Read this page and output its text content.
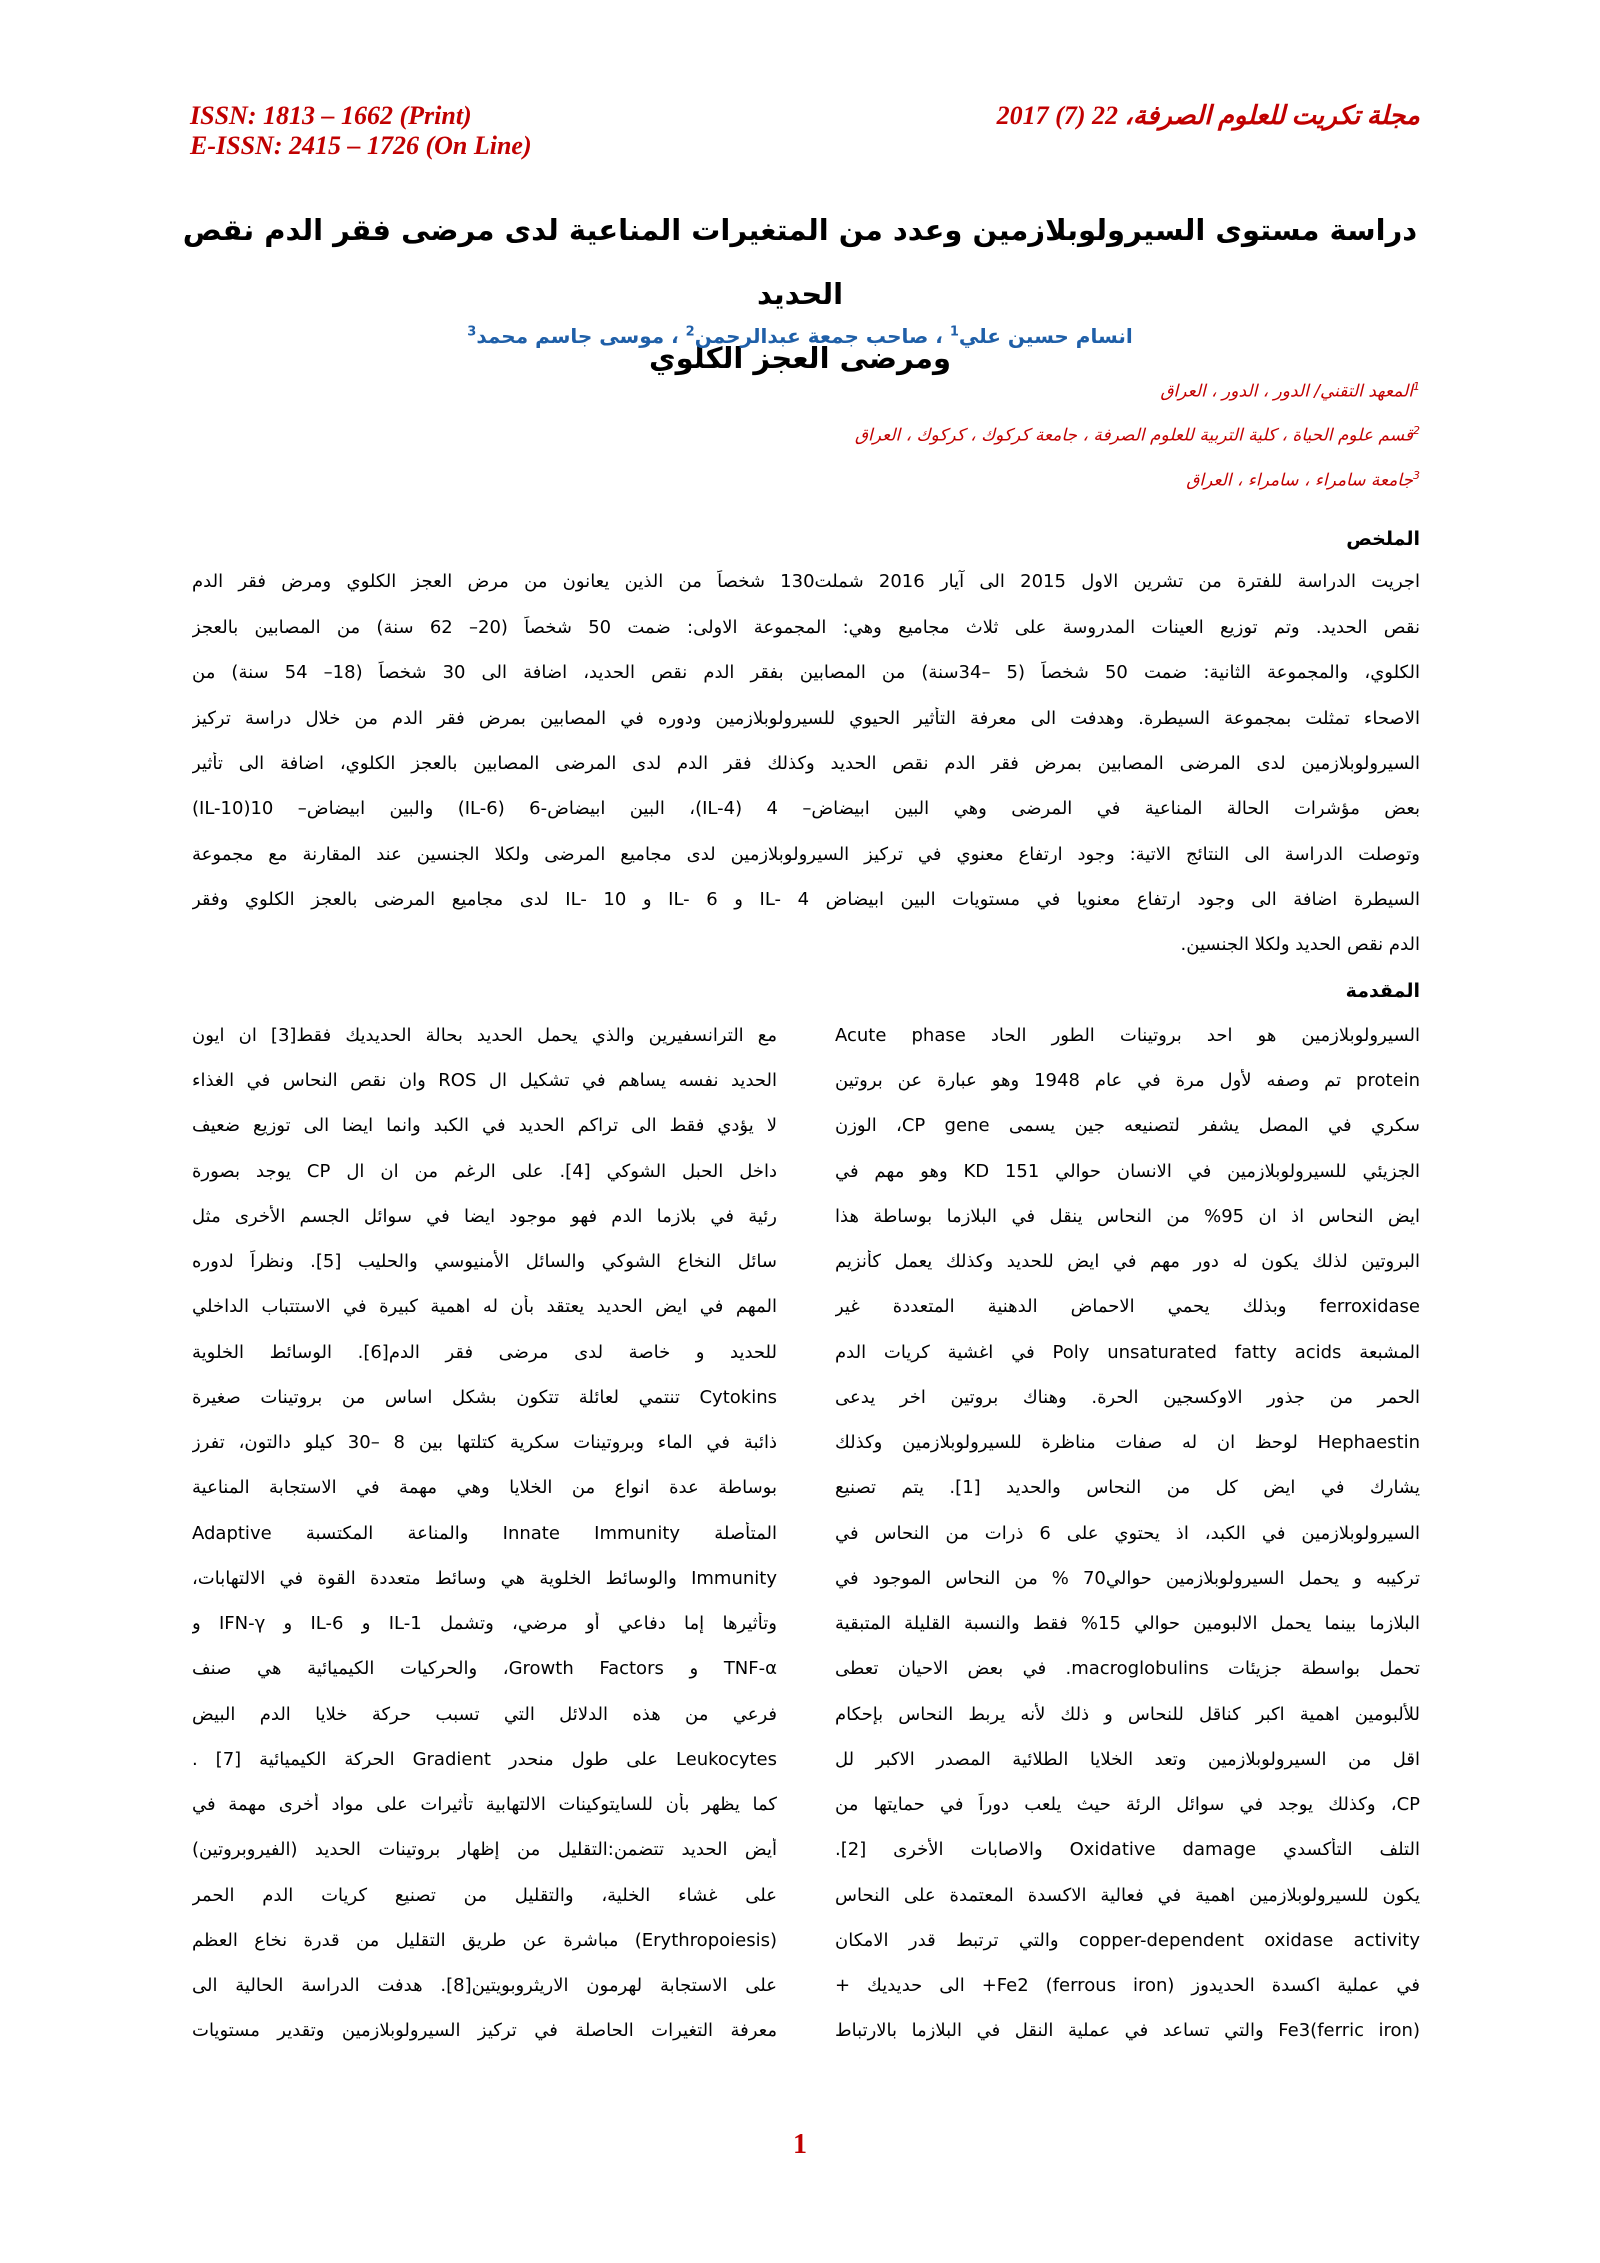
ISSN: 1813 – 1662 (Print)
E-ISSN: 2415 – 1726 (On Line)
مجلة تكريت للعلوم الصرفة، 22 (7) 2017
دراسة مستوى السيرولوبلازمين وعدد من المتغيرات المناعية لدى مرضى فقر الدم نقص الحديد
ومرضى العجز الكلوي
انسام حسين علي$^1$ ، صاحب جمعة عبدالرحمن$^2$ ، موسى جاسم محمد$^3$
$^1$المعهد التقني/ الدور ، الدور ، العراق
$^2$قسم علوم الحياة ، كلية التربية للعلوم الصرفة ، جامعة كركوك ، كركوك ، العراق
$^3$جامعة سامراء ، سامراء ، العراق
الملخص
اجريت الدراسة للفترة من تشرين الاول 2015 الى آيار 2016 شملت130 شخصاً من الذين يعانون من مرض العجز الكلوي ومرض فقر الدم
نقص الحديد. وتم توزيع العينات المدروسة على ثلاث مجاميع وهي: المجموعة الاولى: ضمت 50 شخصاً (20– 62 سنة) من المصابين بالعجز
الكلوي، والمجموعة الثانية: ضمت 50 شخصاً (5 –34سنة) من المصابين بفقر الدم نقص الحديد، اضافة الى 30 شخصاً (18– 54 سنة) من
الاصحاء تمثلت بمجموعة السيطرة. وهدفت الى معرفة التأثير الحيوي للسيرولوبلازمين ودوره في المصابين بمرض فقر الدم من خلال دراسة تركيز
السيرولوبلازمين لدى المرضى المصابين بمرض فقر الدم نقص الحديد وكذلك فقر الدم لدى المرضى المصابين بالعجز الكلوي، اضافة الى تأثير
بعض مؤشرات الحالة المناعية في المرضى وهي البين ابيضاض– 4 (IL-4)، البين ابيضاض-6 (IL-6) والبين ابيضاض– 10(IL-10)
وتوصلت الدراسة الى النتائج الاتية: وجود ارتفاع معنوي في تركيز السيرولوبلازمين لدى مجاميع المرضى ولكلا الجنسين عند المقارنة مع مجموعة
السيطرة اضافة الى وجود ارتفاع معنويا في مستويات البين ابيضاض IL- 4 و IL- 6 و IL- 10 لدى مجاميع المرضى بالعجز الكلوي وفقر
الدم نقص الحديد ولكلا الجنسين.
المقدمة
السيرولوبلازمين هو احد بروتينات الطور الحاد Acute phase
protein تم وصفه لأول مرة في عام 1948 وهو عبارة عن بروتين
سكري في المصل يشفر لتصنيعه جين يسمى CP gene، الوزن
الجزيئي للسيرولوبلازمين في الانسان حوالي 151 KD وهو مهم في
ايض النحاس اذ ان 95% من النحاس ينقل في البلازما بوساطة هذا
البروتين لذلك يكون له دور مهم في ايض للحديد وكذلك يعمل كأنزيم
ferroxidase وبذلك يحمي الاحماض الدهنية المتعددة غير
المشبعة Poly unsaturated fatty acids في اغشية كريات الدم
الحمر من جذور الاوكسجين الحرة. وهناك بروتين اخر يدعى
Hephaestin لوحظ ان له صفات مناظرة للسيرولوبلازمين وكذلك
يشارك في ايض كل من النحاس والحديد [1]. يتم تصنيع
السيرولوبلازمين في الكبد، اذ يحتوي على 6 ذرات من النحاس في
تركيبه و يحمل السيرولوبلازمين حوالي70 % من النحاس الموجود في
البلازما بينما يحمل الالبومين حوالي 15% فقط والنسبة القليلة المتبقية
تحمل بواسطة جزيئات macroglobulins. في بعض الاحيان تعطى
للألبومين اهمية اكبر كناقل للنحاس و ذلك لأنه يربط النحاس بإحكام
اقل من السيرولوبلازمين وتعد الخلايا الطلائية المصدر الاكبر لل
CP، وكذلك يوجد في سوائل الرئة حيث يلعب دوراً في حمايتها من
التلف التأكسدي Oxidative damage والاصابات الأخرى [2].
يكون للسيرولوبلازمين اهمية في فعالية الاكسدة المعتمدة على النحاس
copper-dependent oxidase activity والتي ترتبط قدر الامكان
في عملية اكسدة الحديدوز (ferrous iron) Fe2+ الى حديديك +
Fe3(ferric iron) والتي تساعد في عملية النقل في البلازما بالارتباط
مع الترانسفيرين والذي يحمل الحديد بحالة الحديديك فقط[3] ان ايون
الحديد نفسه يساهم في تشكيل ال ROS وان نقص النحاس في الغذاء
لا يؤدي فقط الى تراكم الحديد في الكبد وانما ايضا الى توزيع ضعيف
داخل الحبل الشوكي [4]. على الرغم من ان ال CP يوجد بصورة
رئية في بلازما الدم فهو موجود ايضا في سوائل الجسم الأخرى مثل
سائل النخاع الشوكي والسائل الأمنيوسي والحليب [5]. ونظراً لدوره
المهم في ايض الحديد يعتقد بأن له اهمية كبيرة في الاستتباب الداخلي
للحديد و خاصة لدى مرضى فقر الدم[6]. الوسائط الخلوية
Cytokins تنتمي لعائلة تتكون بشكل اساس من بروتينات صغيرة
ذائبة في الماء وبروتينات سكرية كتلتها بين 8 –30 كيلو دالتون، تفرز
بوساطة عدة انواع من الخلايا وهي مهمة في الاستجابة المناعية
المتأصلة Innate Immunity والمناعة المكتسبة Adaptive
Immunity والوسائط الخلوية هي وسائط متعددة القوة في الالتهابات،
وتأثيرها إما دفاعي أو مرضي، وتشمل IL-1 و IL-6 و IFN-γ و
TNF-α و Growth Factors، والحركيات الكيميائية هي صنف
فرعي من هذه الدلائل التي تسبب حركة خلايا الدم البيض
Leukocytes على طول منحدر Gradient الحركة الكيميائية [7] .
كما يظهر بأن للسايتوكينات الالتهابية تأثيرات على مواد أخرى مهمة في
أيض الحديد تتضمن:التقليل من إظهار بروتينات الحديد (الفيروبروتين)
على غشاء الخلية، والتقليل من تصنيع كريات الدم الحمر
(Erythropoiesis) مباشرة عن طريق التقليل من قدرة نخاع العظم
على الاستجابة لهرمون الاريثروبويتين[8]. هدفت الدراسة الحالية الى
معرفة التغيرات الحاصلة في تركيز السيرولوبلازمين وتقدير مستويات
1
